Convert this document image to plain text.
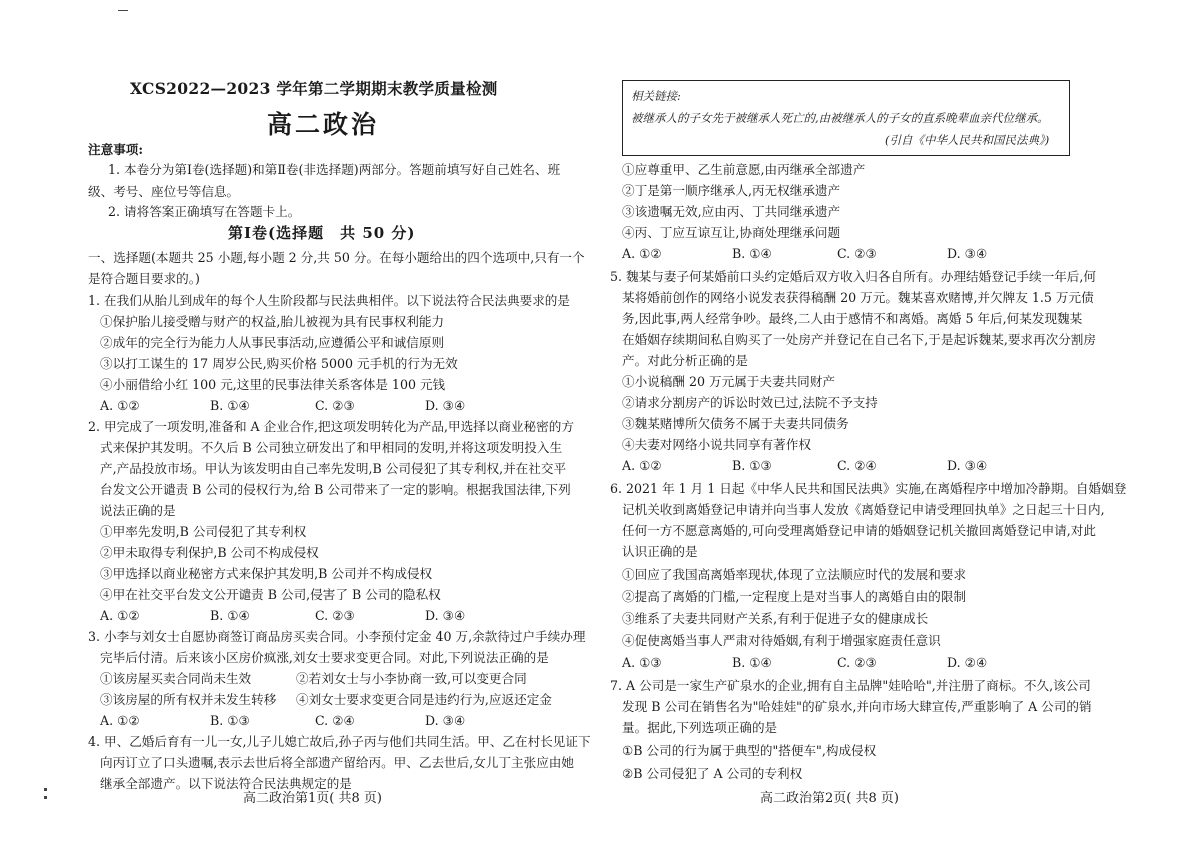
XCS2022—2023 学年第二学期期末教学质量检测
高二政治
注意事项:
1. 本卷分为第Ⅰ卷(选择题)和第Ⅱ卷(非选择题)两部分。答题前填写好自己姓名、班
级、考号、座位号等信息。
2. 请将答案正确填写在答题卡上。
第Ⅰ卷(选择题　共 50 分)
一、选择题(本题共 25 小题,每小题 2 分,共 50 分。在每小题给出的四个选项中,只有一个
是符合题目要求的。)
1. 在我们从胎儿到成年的每个人生阶段都与民法典相伴。以下说法符合民法典要求的是
①保护胎儿接受赠与财产的权益,胎儿被视为具有民事权利能力
②成年的完全行为能力人从事民事活动,应遵循公平和诚信原则
③以打工谋生的 17 周岁公民,购买价格 5000 元手机的行为无效
④小丽借给小红 100 元,这里的民事法律关系客体是 100 元钱
A. ①②	B. ①④	C. ②③	D. ③④
2. 甲完成了一项发明,准备和 A 企业合作,把这项发明转化为产品,甲选择以商业秘密的方
式来保护其发明。不久后 B 公司独立研发出了和甲相同的发明,并将这项发明投入生
产,产品投放市场。甲认为该发明由自己率先发明,B 公司侵犯了其专利权,并在社交平
台发文公开谴责 B 公司的侵权行为,给 B 公司带来了一定的影响。根据我国法律,下列
说法正确的是
①甲率先发明,B 公司侵犯了其专利权
②甲未取得专利保护,B 公司不构成侵权
③甲选择以商业秘密方式来保护其发明,B 公司并不构成侵权
④甲在社交平台发文公开谴责 B 公司,侵害了 B 公司的隐私权
A. ①②	B. ①④	C. ②③	D. ③④
3. 小李与刘女士自愿协商签订商品房买卖合同。小李预付定金 40 万,余款待过户手续办理
完毕后付清。后来该小区房价疯涨,刘女士要求变更合同。对此,下列说法正确的是
①该房屋买卖合同尚未生效	②若刘女士与小李协商一致,可以变更合同
③该房屋的所有权并未发生转移 ④刘女士要求变更合同是违约行为,应返还定金
A. ①②	B. ①③	C. ②④	D. ③④
4. 甲、乙婚后育有一儿一女,儿子儿媳亡故后,孙子丙与他们共同生活。甲、乙在村长见证下
向丙订立了口头遗嘱,表示去世后将全部遗产留给丙。甲、乙去世后,女儿丁主张应由她
继承全部遗产。以下说法符合民法典规定的是
高二政治第1页( 共8 页)
相关链接:
被继承人的子女先于被继承人死亡的,由被继承人的子女的直系晚辈血亲代位继承。
(引自《中华人民共和国民法典》)
①应尊重甲、乙生前意愿,由丙继承全部遗产
②丁是第一顺序继承人,丙无权继承遗产
③该遗嘱无效,应由丙、丁共同继承遗产
④丙、丁应互谅互让,协商处理继承问题
A. ①②	B. ①④	C. ②③	D. ③④
5. 魏某与妻子何某婚前口头约定婚后双方收入归各自所有。办理结婚登记手续一年后,何
某将婚前创作的网络小说发表获得稿酬 20 万元。魏某喜欢赌博,并欠牌友 1.5 万元债
务,因此事,两人经常争吵。最终,二人由于感情不和离婚。离婚 5 年后,何某发现魏某
在婚姻存续期间私自购买了一处房产并登记在自己名下,于是起诉魏某,要求再次分割房
产。对此分析正确的是
①小说稿酬 20 万元属于夫妻共同财产
②请求分割房产的诉讼时效已过,法院不予支持
③魏某赌博所欠债务不属于夫妻共同债务
④夫妻对网络小说共同享有著作权
A. ①②	B. ①③	C. ②④	D. ③④
6. 2021 年 1 月 1 日起《中华人民共和国民法典》实施,在离婚程序中增加冷静期。自婚姻登
记机关收到离婚登记申请并向当事人发放《离婚登记申请受理回执单》之日起三十日内,
任何一方不愿意离婚的,可向受理离婚登记申请的婚姻登记机关撤回离婚登记申请,对此
认识正确的是
①回应了我国高离婚率现状,体现了立法顺应时代的发展和要求
②提高了离婚的门槛,一定程度上是对当事人的离婚自由的限制
③维系了夫妻共同财产关系,有利于促进子女的健康成长
④促使离婚当事人严肃对待婚姻,有利于增强家庭责任意识
A. ①③	B. ①④	C. ②③	D. ②④
7. A 公司是一家生产矿泉水的企业,拥有自主品牌"娃哈哈",并注册了商标。不久,该公司
发现 B 公司在销售名为"哈娃娃"的矿泉水,并向市场大肆宣传,严重影响了 A 公司的销
量。据此,下列选项正确的是
①B 公司的行为属于典型的"搭便车",构成侵权
②B 公司侵犯了 A 公司的专利权
高二政治第2页( 共8 页)
